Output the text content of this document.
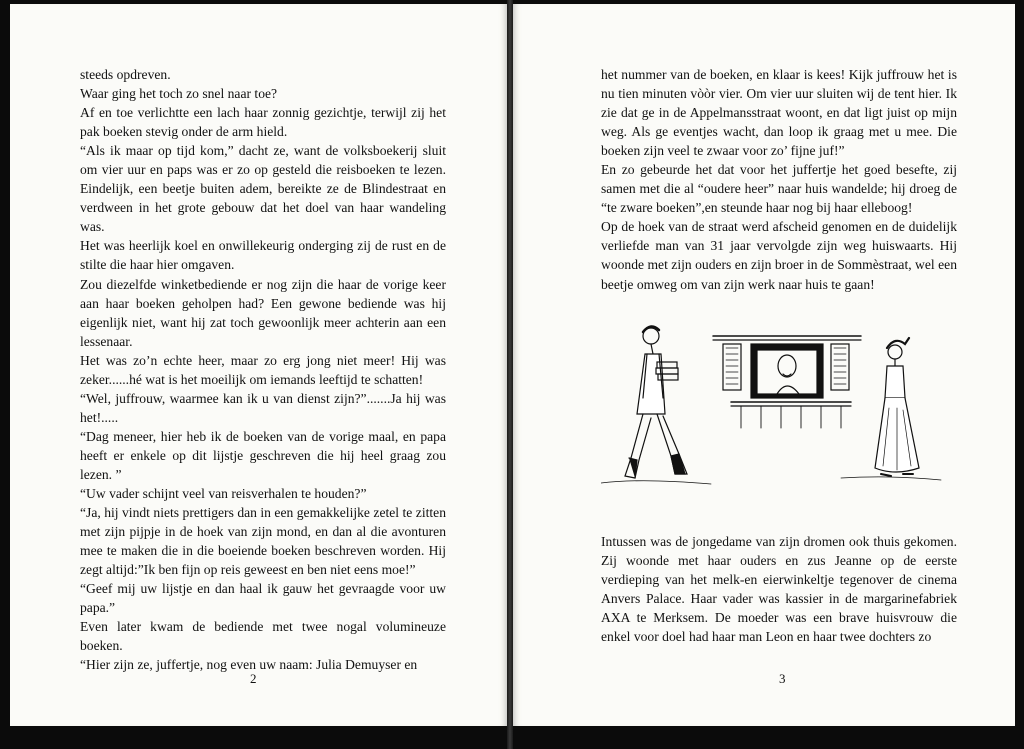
steeds opdreven.

Waar ging het toch zo snel naar toe?

Af en toe verlichtte een lach haar zonnig gezichtje, terwijl zij het pak boeken stevig onder de arm hield.

“Als ik maar op tijd kom,” dacht ze, want de volksboekerij sluit om vier uur en paps was er zo op gesteld die reisboeken te lezen. Eindelijk, een beetje buiten adem, bereikte ze de Blindestraat en verdween in het grote gebouw dat het doel van haar wandeling was.

Het was heerlijk koel en onwillekeurig onderging zij de rust en de stilte die haar hier omgaven.

Zou diezelfde winketbediende er nog zijn die haar de vorige keer aan haar boeken geholpen had? Een gewone bediende was hij eigenlijk niet, want hij zat toch gewoonlijk meer achterin aan een lessenaar.

Het was zo’n echte heer, maar zo erg jong niet meer! Hij was zeker......hé wat is het moeilijk om iemands leeftijd te schatten!

“Wel, juffrouw, waarmee kan ik u van dienst zijn?”.......Ja hij was het!.....

“Dag meneer, hier heb ik de boeken van de vorige maal, en papa heeft er enkele op dit lijstje geschreven die hij heel graag zou lezen. ”

“Uw vader schijnt veel van reisverhalen te houden?”

“Ja, hij vindt niets prettigers dan in een gemakkelijke zetel te zitten met zijn pijpje in de hoek van zijn mond, en dan al die avonturen mee te maken die in die boeiende boeken beschreven worden. Hij zegt altijd:”Ik ben fijn op reis geweest en ben niet eens moe!”

“Geef mij uw lijstje en dan haal ik gauw het gevraagde voor uw papa.”

Even later kwam de bediende met twee nogal volumineuze boeken.

“Hier zijn ze, juffertje, nog even uw naam: Julia Demuyser en

2

het nummer van de boeken, en klaar is kees! Kijk juffrouw het is nu tien minuten vòòr vier. Om vier uur sluiten wij de tent hier. Ik zie dat ge in de Appelmansstraat woont, en dat ligt juist op mijn weg. Als ge eventjes wacht, dan loop ik graag met u mee. Die boeken zijn veel te zwaar voor zo’ fijne juf!”

En zo gebeurde het dat voor het juffertje het goed besefte, zij samen met die al “oudere heer” naar huis wandelde; hij droeg de “te zware boeken”,en steunde haar nog bij haar elleboog!

Op de hoek van de straat werd afscheid genomen en de duidelijk verliefde man van 31 jaar vervolgde zijn weg huiswaarts. Hij woonde met zijn ouders en zijn broer in de Sommèstraat, wel een beetje omweg om van zijn werk naar huis te gaan!

Intussen was de jongedame van zijn dromen ook thuis gekomen. Zij woonde met haar ouders en zus Jeanne op de eerste verdieping van het melk-en eierwinkeltje tegenover de cinema Anvers Palace. Haar vader was kassier in de margarinefabriek AXA te Merksem. De moeder was een brave huisvrouw die enkel voor doel had haar man Leon en haar twee dochters zo

3
